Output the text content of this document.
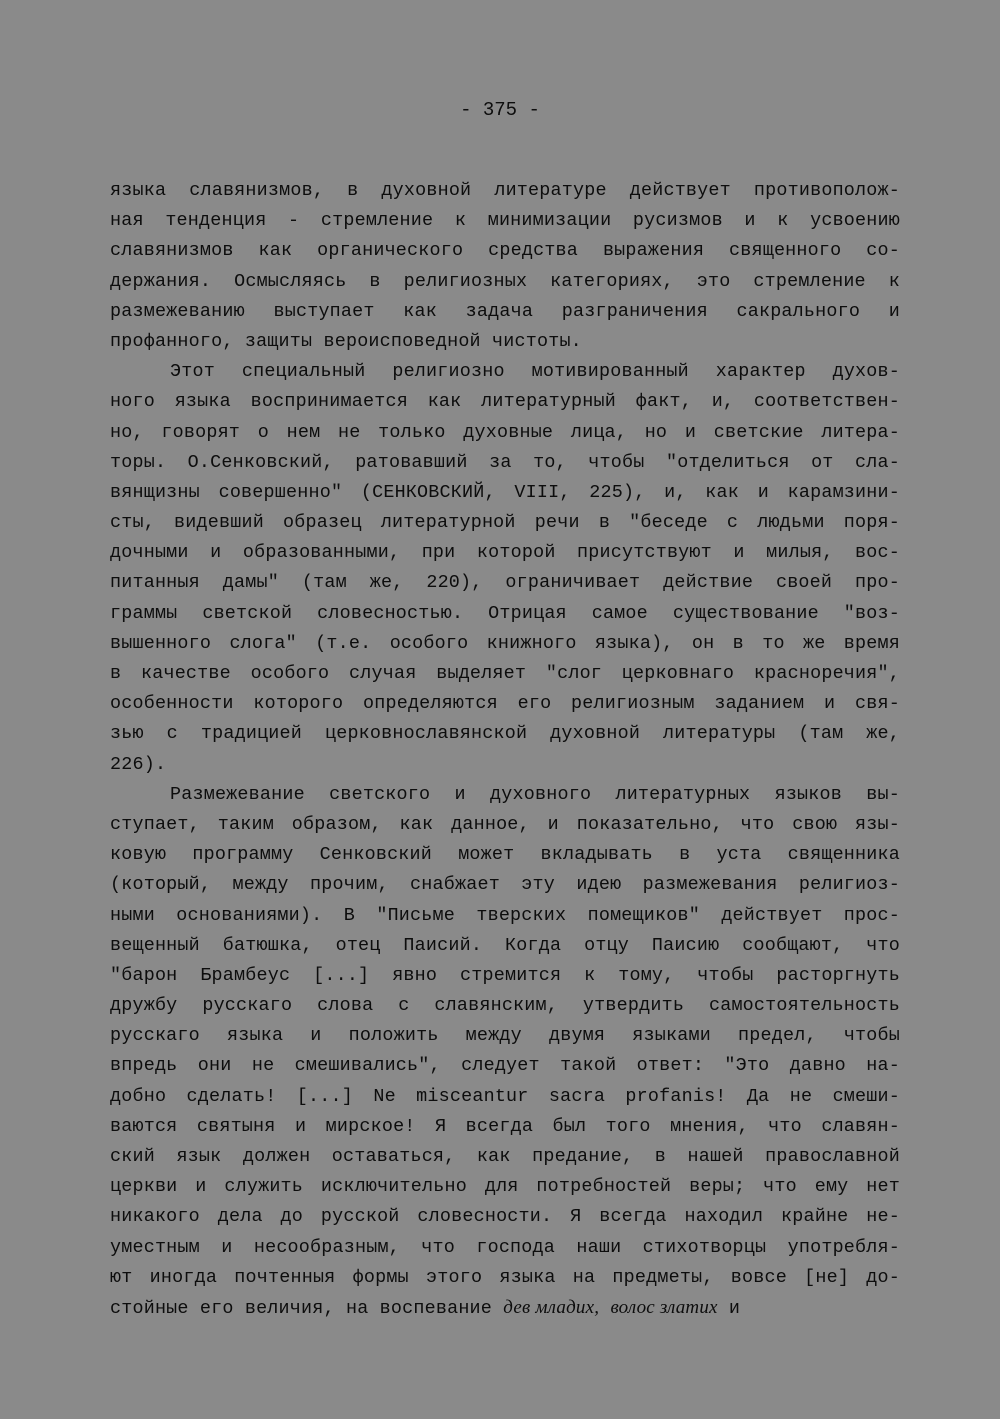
- 375 -
языка славянизмов, в духовной литературе действует противополож-
ная тенденция - стремление к минимизации русизмов и к усвоению
славянизмов как органического средства выражения священного со-
держания. Осмысляясь в религиозных категориях, это стремление к
размежеванию выступает как задача разграничения сакрального и
профанного, защиты вероисповедной чистоты.
Этот специальный религиозно мотивированный характер духов-
ного языка воспринимается как литературный факт, и, соответствен-
но, говорят о нем не только духовные лица, но и светские литера-
торы. О.Сенковский, ратовавший за то, чтобы "отделиться от сла-
вянщизны совершенно" (СЕНКОВСКИЙ, VIII, 225), и, как и карамзини-
сты, видевший образец литературной речи в "беседе с людьми поря-
дочными и образованными, при которой присутствуют и милыя, вос-
питанныя дамы" (там же, 220), ограничивает действие своей про-
граммы светской словесностью. Отрицая самое существование "воз-
вышенного слога" (т.е. особого книжного языка), он в то же время
в качестве особого случая выделяет "слог церковнаго красноречия",
особенности которого определяются его религиозным заданием и свя-
зью с традицией церковнославянской духовной литературы (там же,
226).
Размежевание светского и духовного литературных языков вы-
ступает, таким образом, как данное, и показательно, что свою язы-
ковую программу Сенковский может вкладывать в уста священника
(который, между прочим, снабжает эту идею размежевания религиоз-
ными основаниями). В "Письме тверских помещиков" действует прос-
вещенный батюшка, отец Паисий. Когда отцу Паисию сообщают, что
"барон Брамбеус [...] явно стремится к тому, чтобы расторгнуть
дружбу русскаго слова с славянским, утвердить самостоятельность
русскаго языка и положить между двумя языками предел, чтобы
впредь они не смешивались", следует такой ответ: "Это давно на-
добно сделать! [...] Ne misceantur sacra profanis! Да не смеши-
ваются святыня и мирское! Я всегда был того мнения, что славян-
ский язык должен оставаться, как предание, в нашей православной
церкви и служить исключительно для потребностей веры; что ему нет
никакого дела до русской словесности. Я всегда находил крайне не-
уместным и несообразным, что господа наши стихотворцы употребля-
ют иногда почтенныя формы этого языка на предметы, вовсе [не] до-
стойные его величия, на воспевание дев младих, волос златих и
